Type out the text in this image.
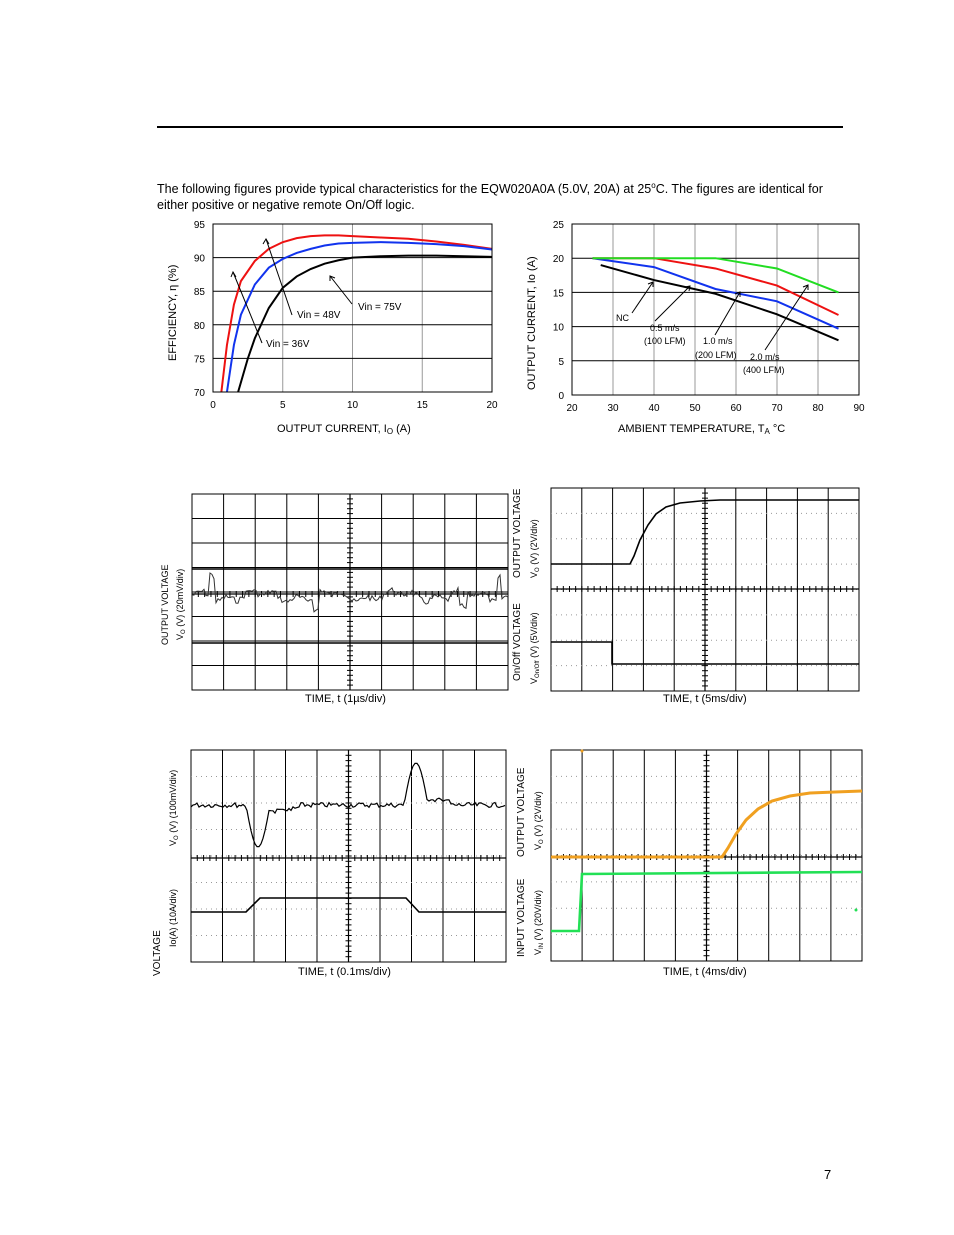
The following figures provide typical characteristics for the EQW020A0A (5.0V, 20A) at 25$^o$C. The figures are identical for either positive or negative remote On/Off logic.
0	5	10	15	20
70
75
80
85
90
95
Vin = 48V
Vin = 36V
Vin = 75V
OUTPUT CURRENT, IO (A)
EFFICIENCY, η (%)
20	30	40	50	60	70	80	90
0
5
10
15
20
25
NC
0.5 m/s
(100 LFM) 1.0 m/s
(200 LFM) 2.0 m/s
(400 LFM)
AMBIENT TEMPERATURE, TA °C
OUTPUT CURRENT, Io (A)
OUTPUT VOLTAGE $V_O$ (V) (20mV/div)
TIME, t (1µs/div)
OUTPUT VOLTAGE $V_O$ (V) (2V/div)
On/Off VOLTAGE $V_{On/Off}$ (V) (5V/div)
TIME, t (5ms/div)
$V_O$ (V) (100mV/div)
Io(A) (10A/div)
VOLTAGE	TIME, t (0.1ms/div)
OUTPUT VOLTAGE $V_O$ (V) (2V/div)
INPUT VOLTAGE $V_{IN}$ (V) (20V/div)
TIME, t (4ms/div)
7
